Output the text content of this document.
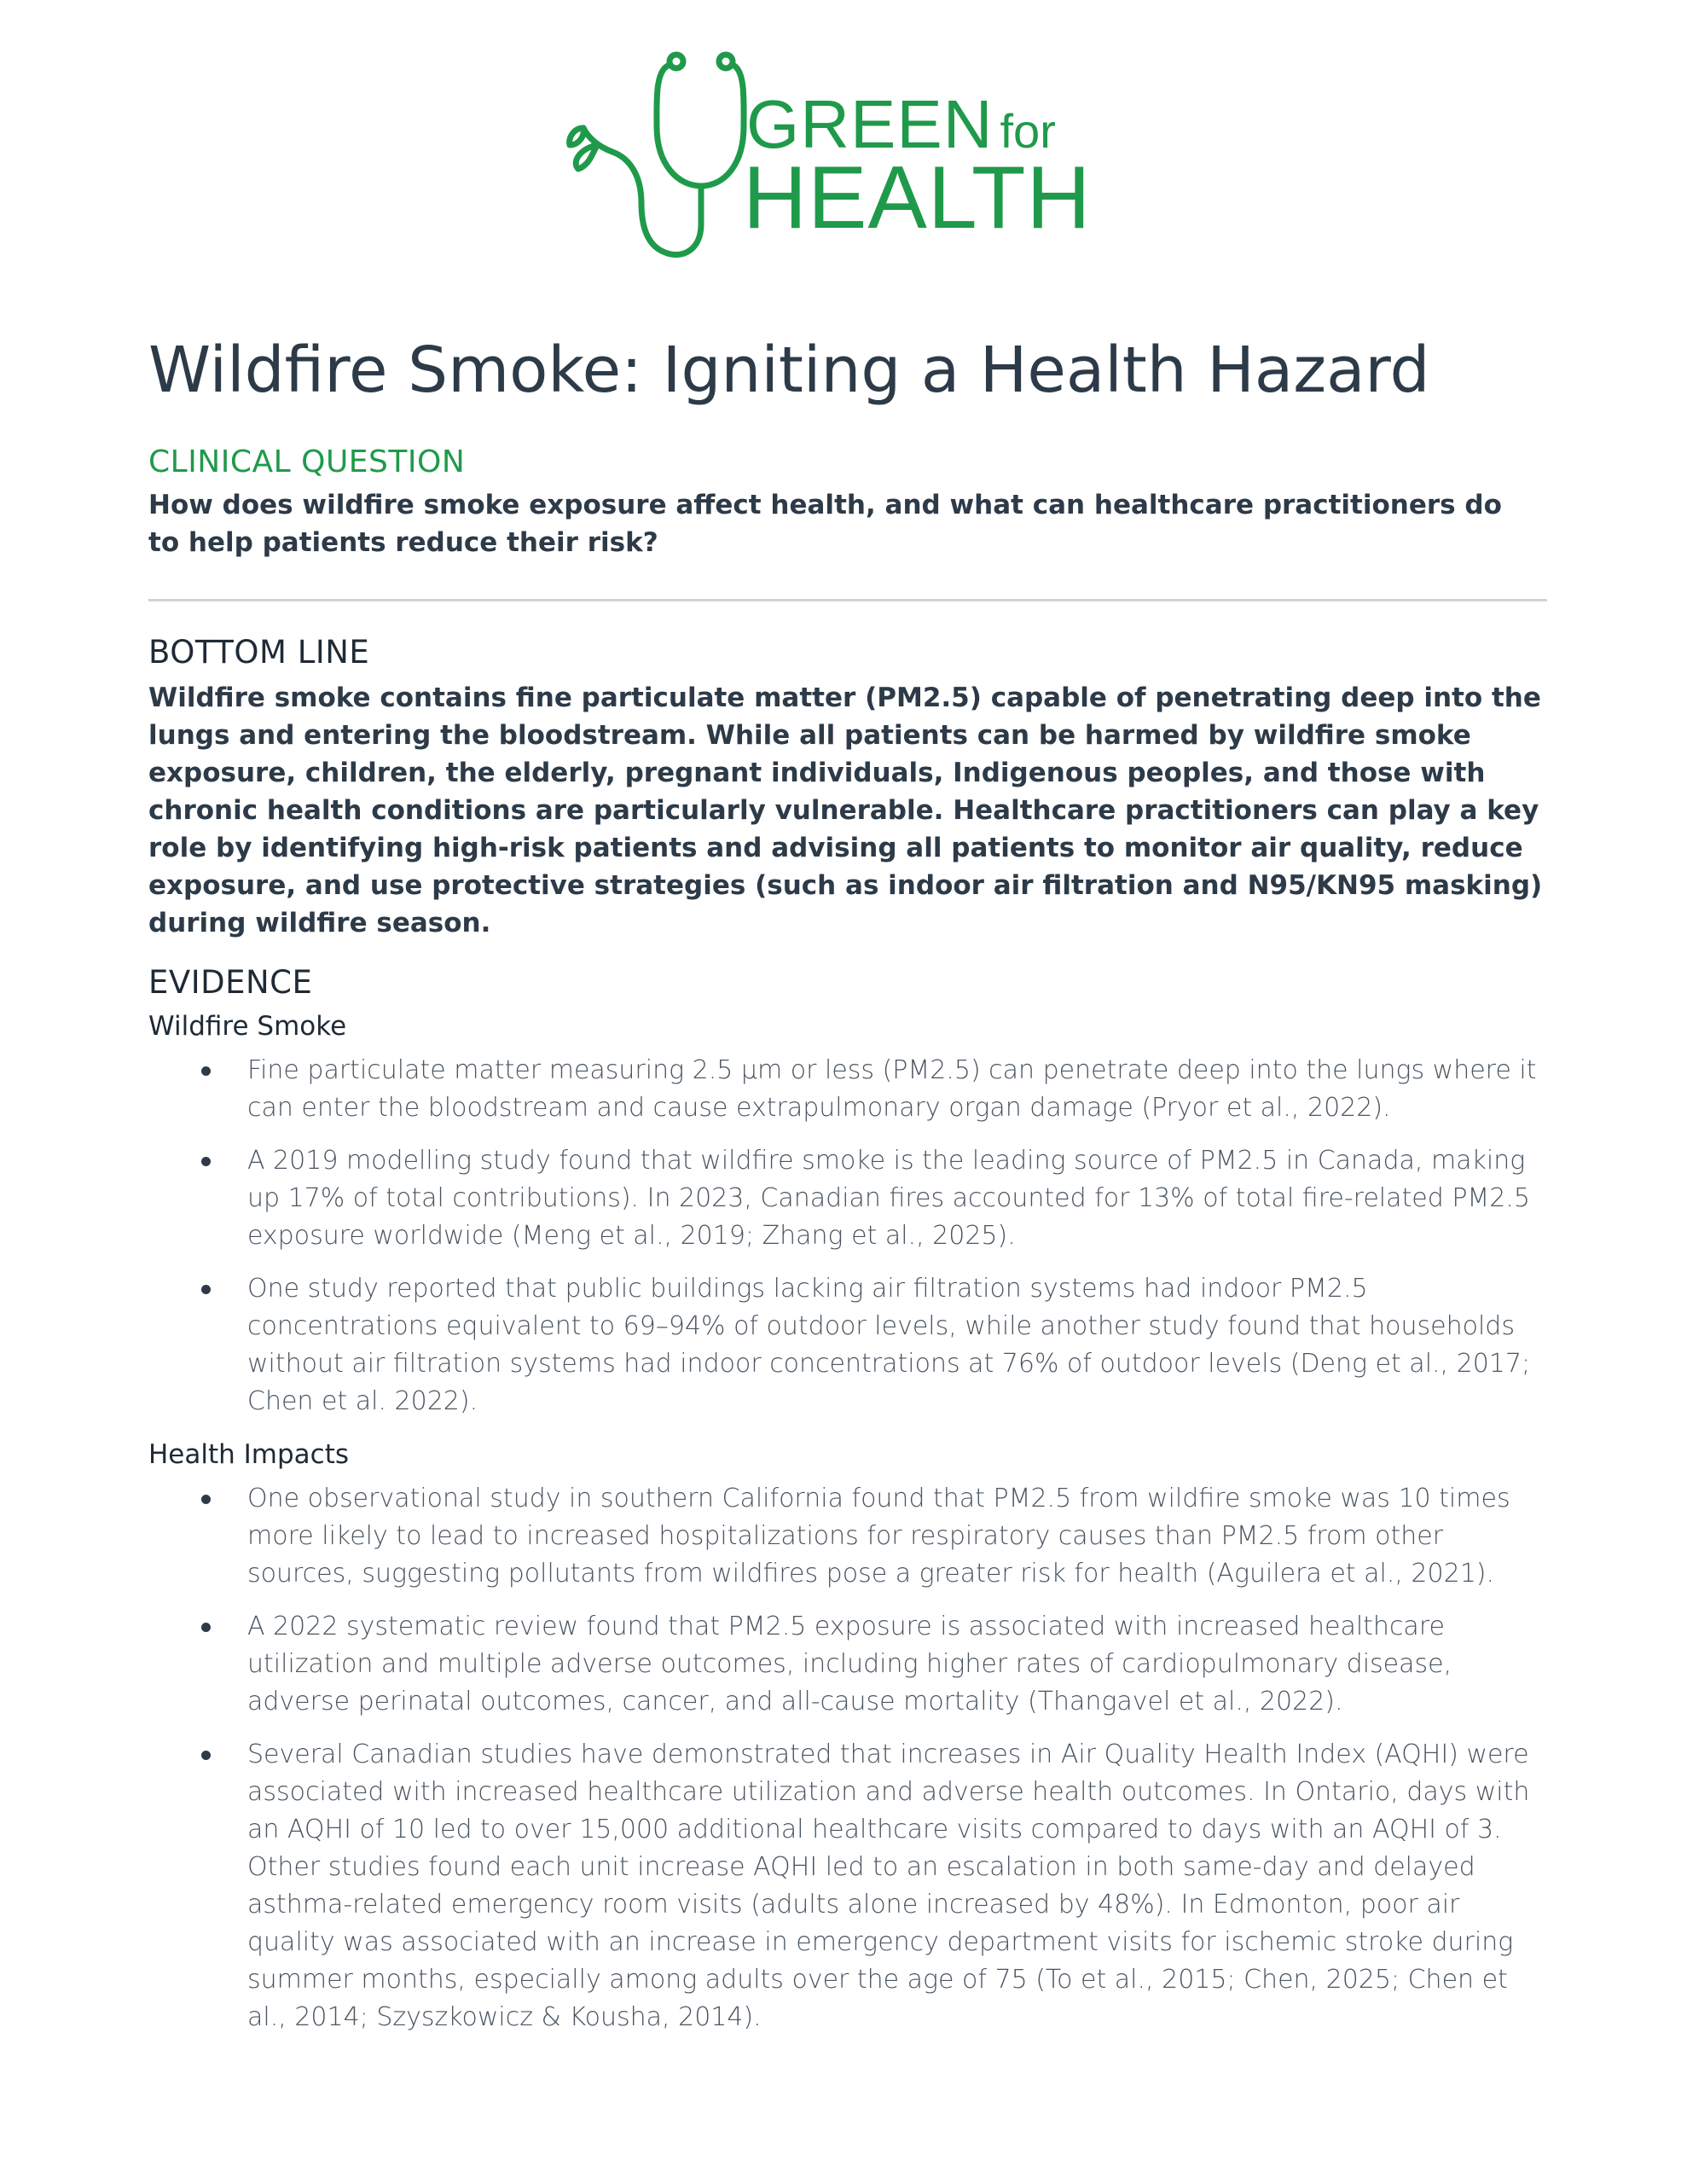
GREEN for
HEALTH
Wildfire Smoke: Igniting a Health Hazard
CLINICAL QUESTION
How does wildfire smoke exposure affect health, and what can healthcare practitioners do to help patients reduce their risk?
BOTTOM LINE
Wildfire smoke contains fine particulate matter (PM2.5) capable of penetrating deep into the lungs and entering the bloodstream. While all patients can be harmed by wildfire smoke exposure, children, the elderly, pregnant individuals, Indigenous peoples, and those with chronic health conditions are particularly vulnerable. Healthcare practitioners can play a key role by identifying high-risk patients and advising all patients to monitor air quality, reduce exposure, and use protective strategies (such as indoor air filtration and N95/KN95 masking) during wildfire season.
EVIDENCE
Wildfire Smoke
Fine particulate matter measuring 2.5 µm or less (PM2.5) can penetrate deep into the lungs where it can enter the bloodstream and cause extrapulmonary organ damage (Pryor et al., 2022).
A 2019 modelling study found that wildfire smoke is the leading source of PM2.5 in Canada, making up 17% of total contributions). In 2023, Canadian fires accounted for 13% of total fire-related PM2.5 exposure worldwide (Meng et al., 2019; Zhang et al., 2025).
One study reported that public buildings lacking air filtration systems had indoor PM2.5 concentrations equivalent to 69–94% of outdoor levels, while another study found that households without air filtration systems had indoor concentrations at 76% of outdoor levels (Deng et al., 2017; Chen et al. 2022).
Health Impacts
One observational study in southern California found that PM2.5 from wildfire smoke was 10 times more likely to lead to increased hospitalizations for respiratory causes than PM2.5 from other sources, suggesting pollutants from wildfires pose a greater risk for health (Aguilera et al., 2021).
A 2022 systematic review found that PM2.5 exposure is associated with increased healthcare utilization and multiple adverse outcomes, including higher rates of cardiopulmonary disease, adverse perinatal outcomes, cancer, and all-cause mortality (Thangavel et al., 2022).
Several Canadian studies have demonstrated that increases in Air Quality Health Index (AQHI) were associated with increased healthcare utilization and adverse health outcomes. In Ontario, days with an AQHI of 10 led to over 15,000 additional healthcare visits compared to days with an AQHI of 3. Other studies found each unit increase AQHI led to an escalation in both same-day and delayed asthma-related emergency room visits (adults alone increased by 48%). In Edmonton, poor air quality was associated with an increase in emergency department visits for ischemic stroke during summer months, especially among adults over the age of 75 (To et al., 2015; Chen, 2025; Chen et al., 2014; Szyszkowicz & Kousha, 2014).
